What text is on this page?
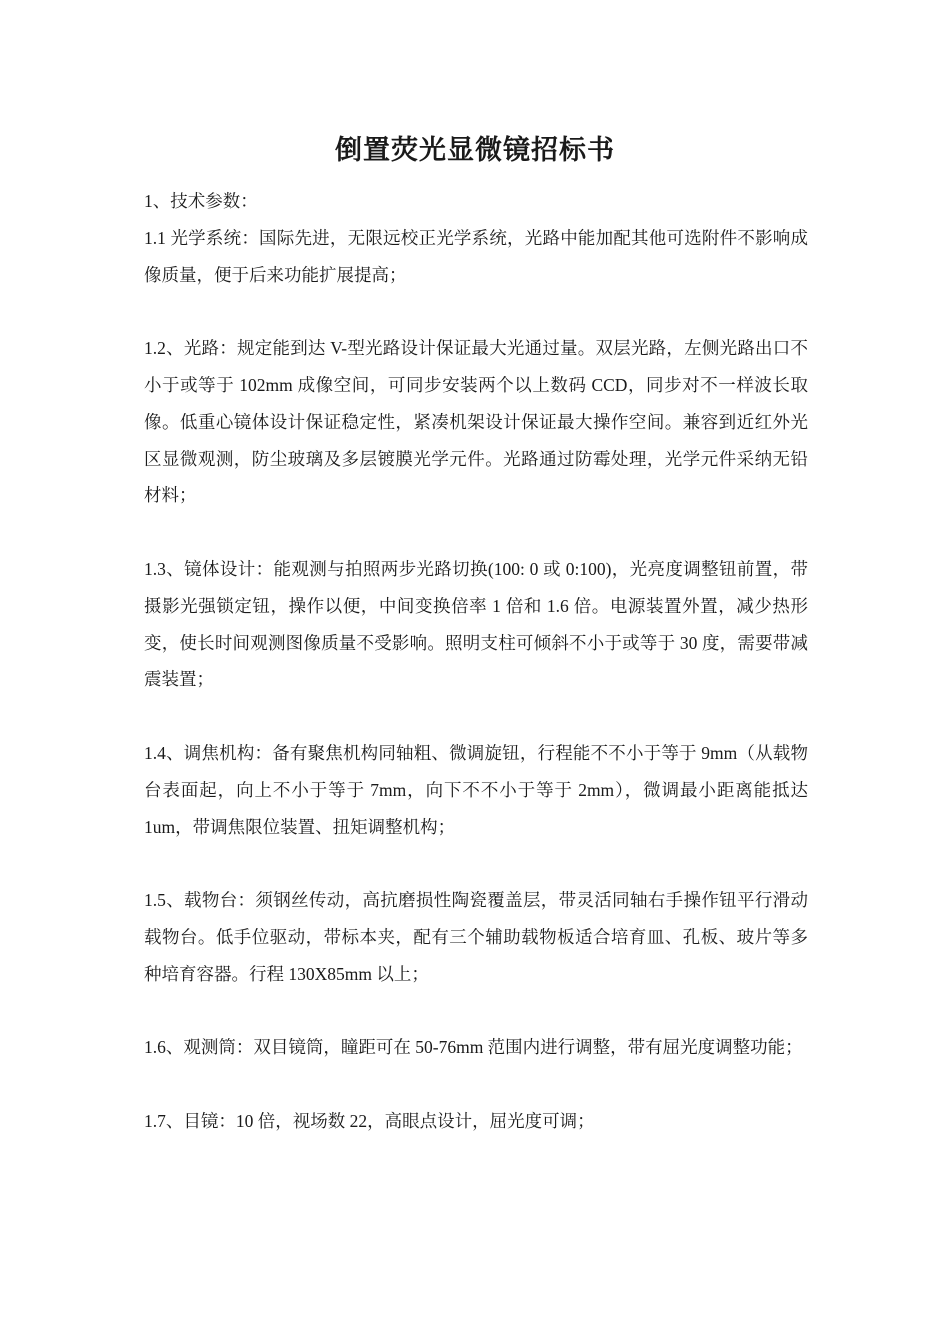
倒置荧光显微镜招标书

1、技术参数：

1.1 光学系统：国际先进，无限远校正光学系统，光路中能加配其他可选附件不影响成像质量，便于后来功能扩展提高；

1.2、光路：规定能到达 V-型光路设计保证最大光通过量。双层光路，左侧光路出口不小于或等于 102mm 成像空间，可同步安装两个以上数码 CCD，同步对不一样波长取像。低重心镜体设计保证稳定性，紧凑机架设计保证最大操作空间。兼容到近红外光区显微观测，防尘玻璃及多层镀膜光学元件。光路通过防霉处理，光学元件采纳无铅材料；

1.3、镜体设计：能观测与拍照两步光路切换(100: 0 或 0:100)，光亮度调整钮前置，带摄影光强锁定钮，操作以便，中间变换倍率 1 倍和 1.6 倍。电源装置外置，减少热形变，使长时间观测图像质量不受影响。照明支柱可倾斜不小于或等于 30 度，需要带减震装置；

1.4、调焦机构：备有聚焦机构同轴粗、微调旋钮，行程能不不小于等于 9mm（从载物台表面起，向上不小于等于 7mm，向下不不小于等于 2mm），微调最小距离能抵达 1um，带调焦限位装置、扭矩调整机构；

1.5、载物台：须钢丝传动，高抗磨损性陶瓷覆盖层，带灵活同轴右手操作钮平行滑动载物台。低手位驱动，带标本夹，配有三个辅助载物板适合培育皿、孔板、玻片等多种培育容器。行程 130X85mm 以上；

1.6、观测筒：双目镜筒，瞳距可在 50-76mm 范围内进行调整，带有屈光度调整功能；

1.7、目镜：10 倍，视场数 22，高眼点设计，屈光度可调；
